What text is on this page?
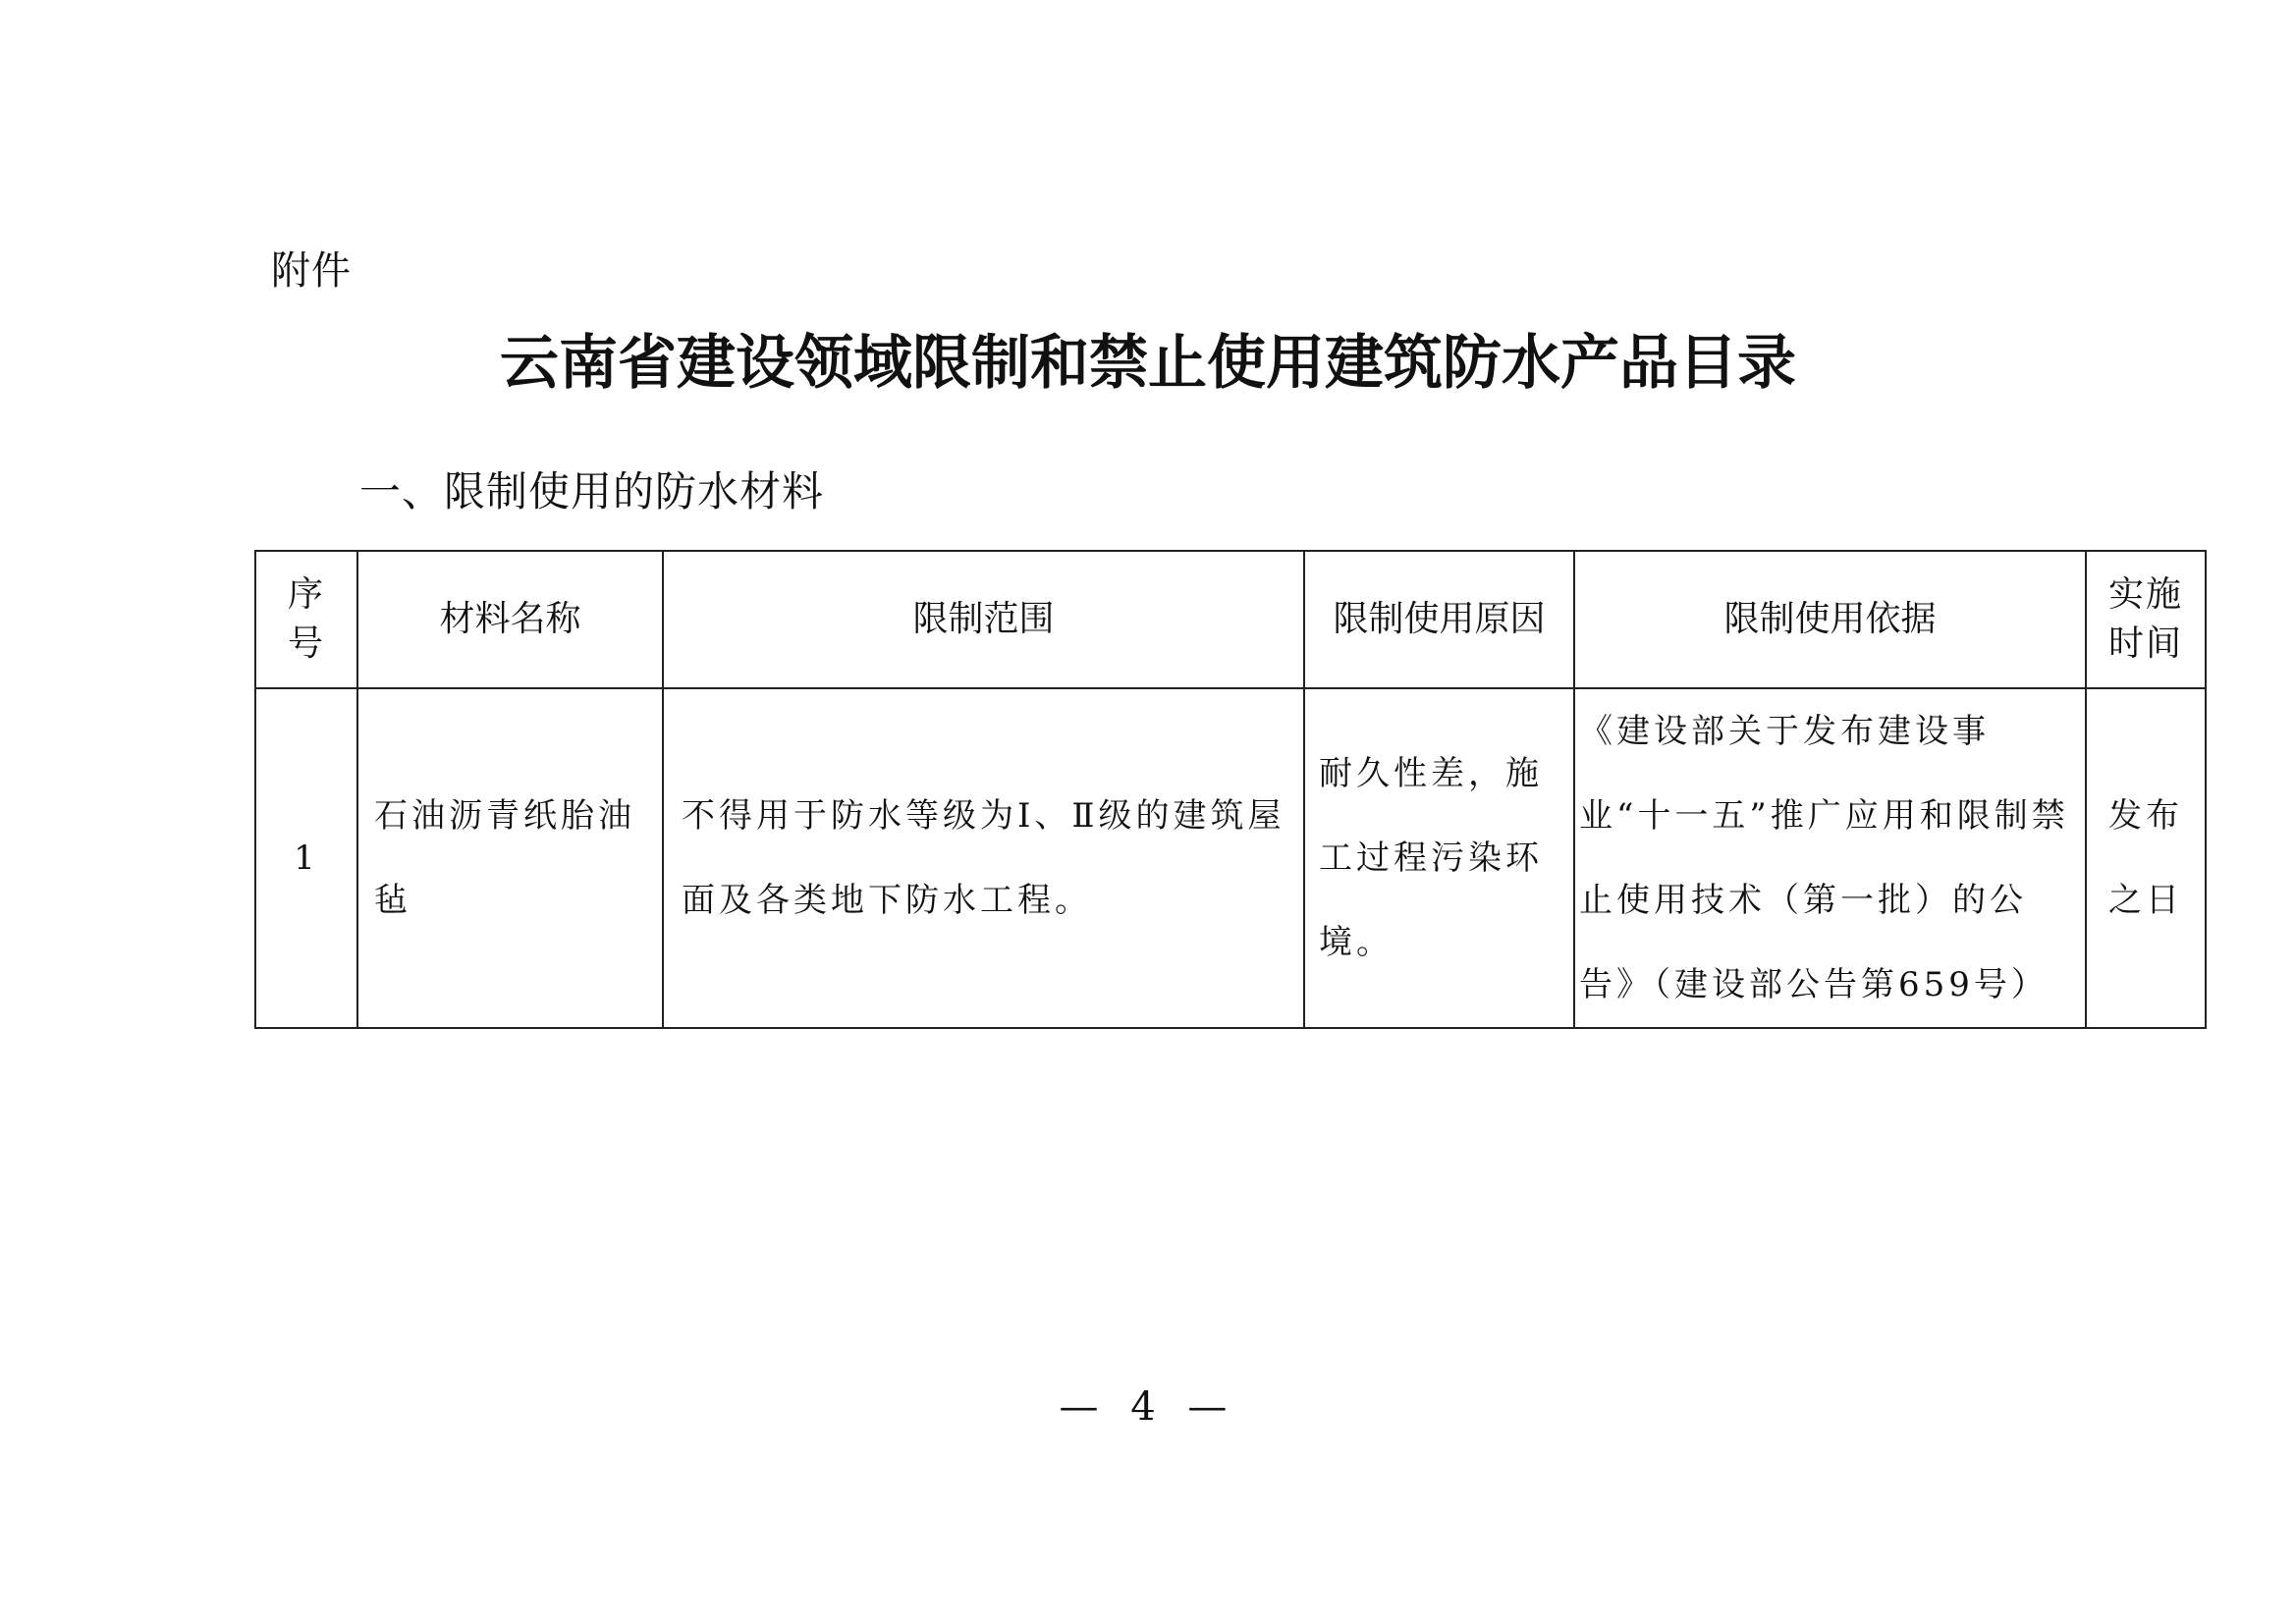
附件
云南省建设领域限制和禁止使用建筑防水产品目录
一、限制使用的防水材料
序号	材料名称	限制范围	限制使用原因	限制使用依据	实施时间
1	石油沥青纸胎油毡	不得用于防水等级为Ⅰ、Ⅱ级的建筑屋面及各类地下防水工程。	耐久性差，施工过程污染环境。	《建设部关于发布建设事业“十一五”推广应用和限制禁止使用技术（第一批）的公告》（建设部公告第659号）	发布之日
— 4 —
